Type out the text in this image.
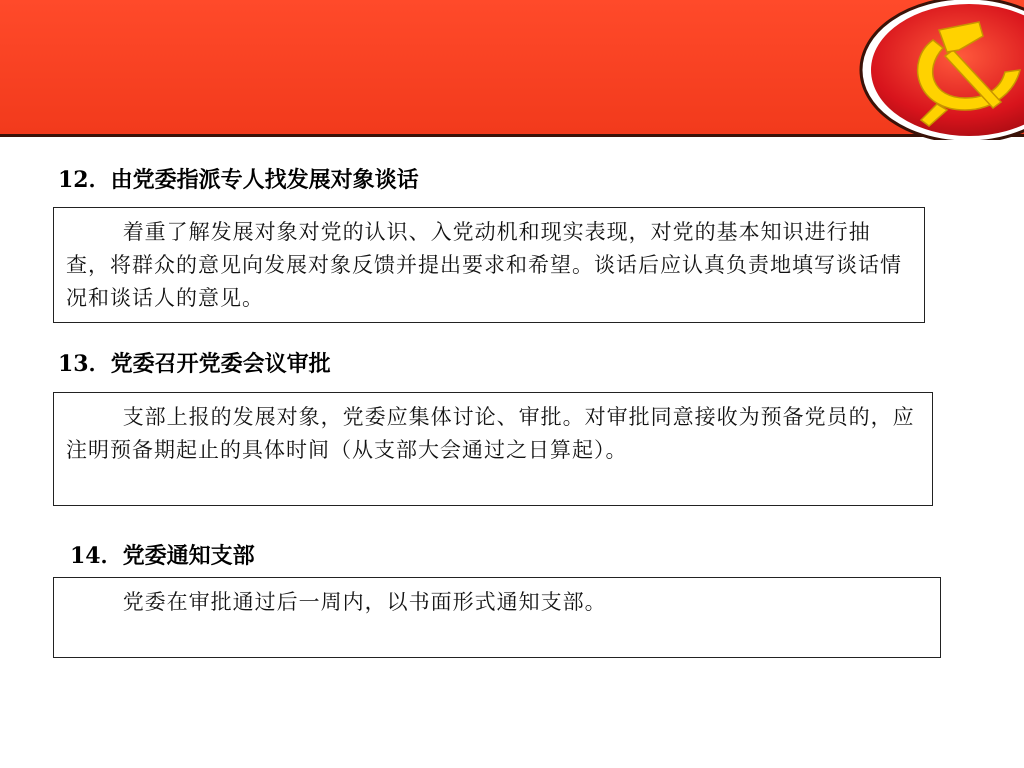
12．由党委指派专人找发展对象谈话

着重了解发展对象对党的认识、入党动机和现实表现，对党的基本知识进行抽查，将群众的意见向发展对象反馈并提出要求和希望。谈话后应认真负责地填写谈话情况和谈话人的意见。

13．党委召开党委会议审批

支部上报的发展对象，党委应集体讨论、审批。对审批同意接收为预备党员的，应注明预备期起止的具体时间（从支部大会通过之日算起）。

14．党委通知支部

党委在审批通过后一周内，以书面形式通知支部。
